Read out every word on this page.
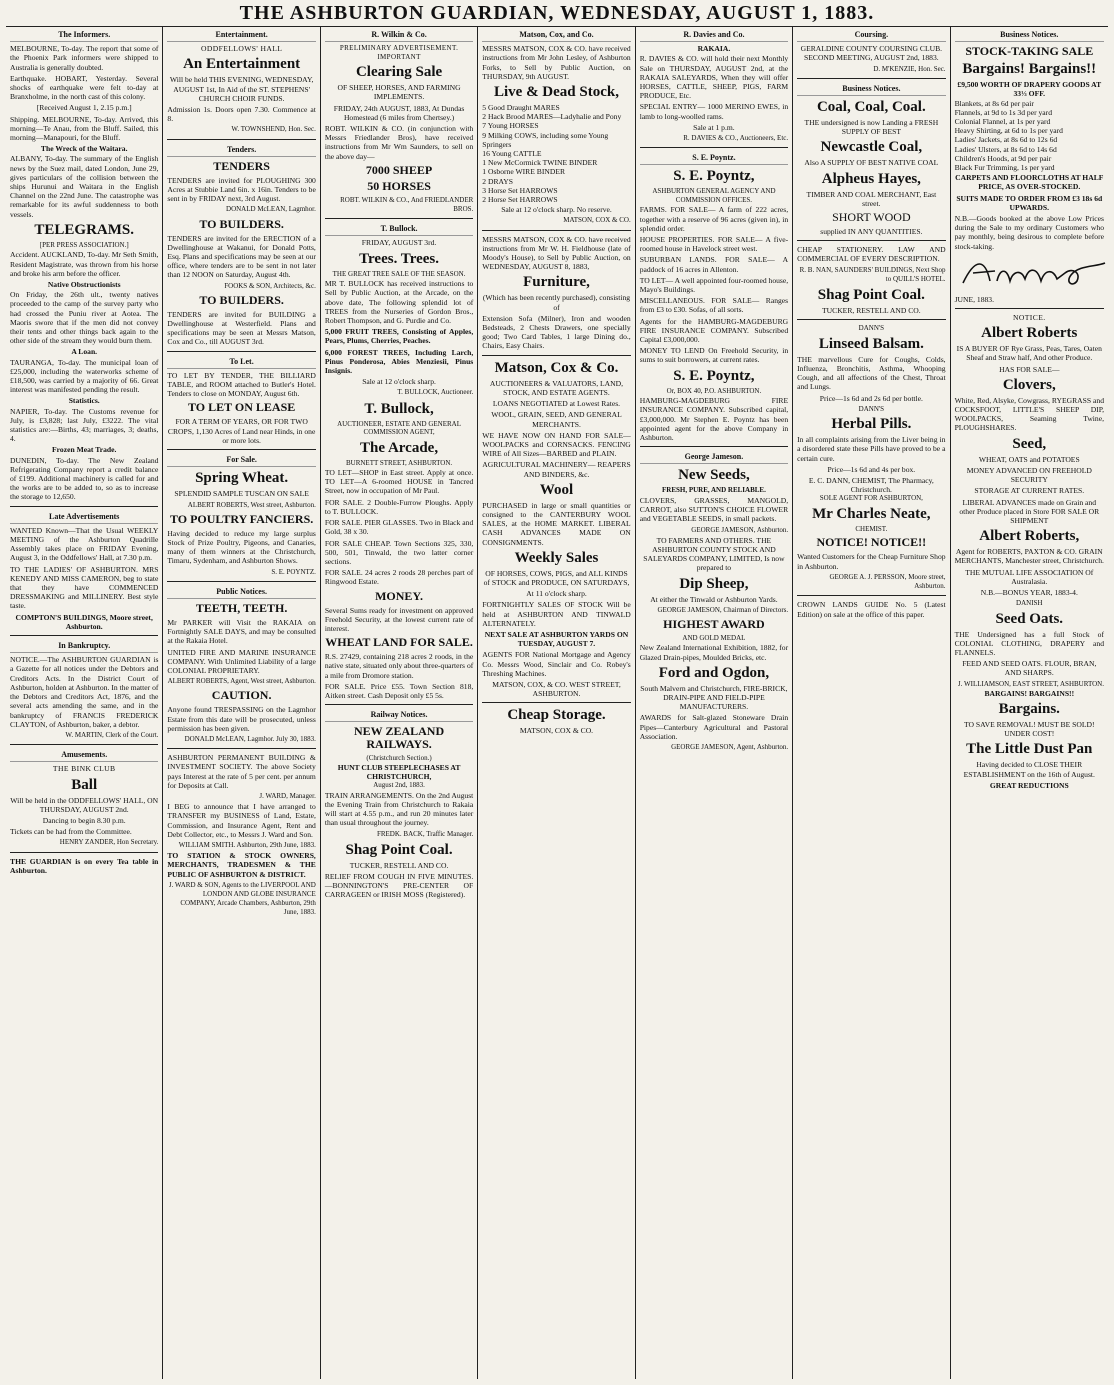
THE ASHBURTON GUARDIAN, WEDNESDAY, AUGUST 1, 1883.
The Informers.

MELBOURNE, To-day. The report that some of the Phoenix Park informers were shipped to Australia is generally doubted.

Earthquake. HOBART, Yesterday. Several shocks of earthquake were felt to-day at Branxholme, in the north cast of this colony.

[Received August 1, 2.15 p.m.]

Shipping. MELBOURNE, To-day. Arrived, this morning—Te Anau, from the Bluff. Sailed, this morning—Manapouri, for the Bluff.

The Wreck of the Waitara.

ALBANY, To-day. The summary of the English news by the Suez mail, dated London, June 29, gives particulars of the collision between the ships Hurunui and Waitara in the English Channel on the 22nd June. The catastrophe was remarkable for its awful suddenness to both vessels.

TELEGRAMS.
[PER PRESS ASSOCIATION.]

Accident. AUCKLAND, To-day. Mr Seth Smith, Resident Magistrate, was thrown from his horse and broke his arm before the officer.

Native Obstructionists

On Friday, the 26th ult., twenty natives proceeded to the camp of the survey party who had crossed the Puniu river at Aotea. The Maoris swore that if the men did not convey their tents and other things back again to the other side of the stream they would burn them.

A Loan.

TAURANGA, To-day. The municipal loan of £25,000, including the waterworks scheme of £18,500, was carried by a majority of 66. Great interest was manifested pending the result.

Statistics.

NAPIER, To-day. The Customs revenue for July, is £3,828; last July, £3222. The vital statistics are:—Births, 43; marriages, 3; deaths, 4.

Frozen Meat Trade.

DUNEDIN, To-day. The New Zealand Refrigerating Company report a credit balance of £199. Additional machinery is called for and the works are to be added to, so as to increase the storage to 12,650.

Late Advertisements

WANTED Known—That the Usual WEEKLY MEETING of the Ashburton Quadrille Assembly takes place on FRIDAY Evening, August 3, in the Oddfellows' Hall, at 7.30 p.m.

TO THE LADIES' OF ASHBURTON. MRS KENEDY AND MISS CAMERON, beg to state that they have COMMENCED DRESSMAKING and MILLINERY. Best style taste.

COMPTON'S BUILDINGS, Moore street, Ashburton.

In Bankruptcy.

NOTICE.—The ASHBURTON GUARDIAN is a Gazette for all notices under the Debtors and Creditors Acts. In the District Court of Ashburton, holden at Ashburton. In the matter of the Debtors and Creditors Act, 1876, and the several acts amending the same, and in the bankruptcy of FRANCIS FREDERICK CLAYTON, of Ashburton, baker, a debtor.

W. MARTIN, Clerk of the Court.
Amusements.
THE BINK CLUB
Ball

Will be held in the ODDFELLOWS' HALL, ON THURSDAY, AUGUST 2nd.

Dancing to begin 8.30 p.m.

Tickets can be had from the Committee.

HENRY ZANDER, Hon Secretary.

THE GUARDIAN is on every Tea table in Ashburton.

Entertainment.
ODDFELLOWS' HALL
An Entertainment

Will be held THIS EVENING, WEDNESDAY, AUGUST 1st, In Aid of the ST. STEPHENS' CHURCH CHOIR FUNDS.

Admission 1s. Doors open 7.30. Commence at 8.

W. TOWNSHEND, Hon. Sec.
Tenders.
TENDERS

TENDERS are invited for PLOUGHING 300 Acres at Stubbie Land 6in. x 16in. Tenders to be sent in by FRIDAY next, 3rd August.

DONALD McLEAN, Lagmhor.
TO BUILDERS.

TENDERS are invited for the ERECTION of a Dwellinghouse at Wakanui, for Donald Potts, Esq. Plans and specifications may be seen at our office, where tenders are to be sent in not later than 12 NOON on Saturday, August 4th.

FOOKS & SON, Architects, &c.
TO BUILDERS.

TENDERS are invited for BUILDING a Dwellinghouse at Westerfield. Plans and specifications may be seen at Messrs Matson, Cox and Co., till AUGUST 3rd.

To Let.

TO LET BY TENDER, THE BILLIARD TABLE, and ROOM attached to Butler's Hotel. Tenders to close on MONDAY, August 6th.

TO LET ON LEASE

FOR A TERM OF YEARS, OR FOR TWO CROPS, 1,130 Acres of Land near Hinds, in one or more lots.

For Sale.
Spring Wheat.

SPLENDID SAMPLE TUSCAN ON SALE

ALBERT ROBERTS, West street, Ashburton.
TO POULTRY FANCIERS.

Having decided to reduce my large surplus Stock of Prize Poultry, Pigeons, and Canaries, many of them winners at the Christchurch, Timaru, Sydenham, and Ashburton Shows.

S. E. POYNTZ.
Public Notices.
TEETH, TEETH.

Mr PARKER will Visit the RAKAIA on Fortnightly SALE DAYS, and may be consulted at the Rakaia Hotel.

UNITED FIRE AND MARINE INSURANCE COMPANY. With Unlimited Liability of a large COLONIAL PROPRIETARY.

ALBERT ROBERTS, Agent, West street, Ashburton.
CAUTION.

Anyone found TRESPASSING on the Lagmhor Estate from this date will be prosecuted, unless permission has been given.

DONALD McLEAN, Lagmhor. July 30, 1883.

ASHBURTON PERMANENT BUILDING & INVESTMENT SOCIETY. The above Society pays Interest at the rate of 5 per cent. per annum for Deposits at Call.

J. WARD, Manager.

I BEG to announce that I have arranged to TRANSFER my BUSINESS of Land, Estate, Commission, and Insurance Agent, Rent and Debt Collector, etc., to Messrs J. Ward and Son.

WILLIAM SMITH. Ashburton, 29th June, 1883.

TO STATION & STOCK OWNERS, MERCHANTS, TRADESMEN & THE PUBLIC OF ASHBURTON & DISTRICT.

J. WARD & SON, Agents to the LIVERPOOL AND LONDON AND GLOBE INSURANCE COMPANY, Arcade Chambers, Ashburton, 29th June, 1883.
R. Wilkin & Co.
PRELIMINARY ADVERTISEMENT.
IMPORTANT
Clearing Sale

OF SHEEP, HORSES, AND FARMING IMPLEMENTS.

FRIDAY, 24th AUGUST, 1883, At Dundas Homestead (6 miles from Chertsey.)

ROBT. WILKIN & CO. (in conjunction with Messrs Friedlander Bros), have received instructions from Mr Wm Saunders, to sell on the above day—

7000 SHEEP
50 HORSES
ROBT. WILKIN & CO., And FRIEDLANDER BROS.
T. Bullock.
FRIDAY, AUGUST 3rd.
Trees. Trees.
THE GREAT TREE SALE OF THE SEASON.

MR T. BULLOCK has received instructions to Sell by Public Auction, at the Arcade, on the above date, The following splendid lot of TREES from the Nurseries of Gordon Bros., Robert Thompson, and G. Purdie and Co.

5,000 FRUIT TREES, Consisting of Apples, Pears, Plums, Cherries, Peaches.

6,000 FOREST TREES, Including Larch, Pinus Ponderosa, Abies Menziesii, Pinus Insignis.

Sale at 12 o'clock sharp.

T. BULLOCK, Auctioneer.
T. Bullock,
AUCTIONEER, ESTATE AND GENERAL COMMISSION AGENT,
The Arcade,
BURNETT STREET, ASHBURTON.

TO LET—SHOP in East street. Apply at once. TO LET—A 6-roomed HOUSE in Tancred Street, now in occupation of Mr Paul.

FOR SALE. 2 Double-Furrow Ploughs. Apply to T. BULLOCK.

FOR SALE. PIER GLASSES. Two in Black and Gold, 38 x 30.

FOR SALE CHEAP. Town Sections 325, 330, 500, 501, Tinwald, the two latter corner sections.

FOR SALE. 24 acres 2 roods 28 perches part of Ringwood Estate.

MONEY.

Several Sums ready for investment on approved Freehold Security, at the lowest current rate of interest.

WHEAT LAND FOR SALE.

R.S. 27429, containing 218 acres 2 roods, in the native state, situated only about three-quarters of a mile from Dromore station.

FOR SALE. Price £55. Town Section 818, Aitken street. Cash Deposit only £5 5s.

Railway Notices.
NEW ZEALAND RAILWAYS.
(Christchurch Section.)
HUNT CLUB STEEPLECHASES AT CHRISTCHURCH,
August 2nd, 1883.

TRAIN ARRANGEMENTS. On the 2nd August the Evening Train from Christchurch to Rakaia will start at 4.55 p.m., and run 20 minutes later than usual throughout the journey.

FREDK. BACK, Traffic Manager.
Shag Point Coal.

TUCKER, RESTELL AND CO.

RELIEF FROM COUGH IN FIVE MINUTES.—BONNINGTON'S PRE-CENTER OF CARRAGEEN or IRISH MOSS (Registered).

Matson, Cox, and Co.

MESSRS MATSON, COX & CO. have received instructions from Mr John Lesley, of Ashburton Forks, to Sell by Public Auction, on THURSDAY, 9th AUGUST.

Live & Dead Stock,
5 Good Draught MARES
2 Hack Brood MARES—Ladyhalie and Pony
7 Young HORSES
9 Milking COWS, including some Young Springers
16 Young CATTLE
1 New McCormick TWINE BINDER
1 Osborne WIRE BINDER
2 DRAYS
3 Horse Set HARROWS
2 Horse Set HARROWS

Sale at 12 o'clock sharp. No reserve.

MATSON, COX & CO.

MESSRS MATSON, COX & CO. have received instructions from Mr W. H. Fieldhouse (late of Moody's House), to Sell by Public Auction, on WEDNESDAY, AUGUST 8, 1883,

Furniture,

(Which has been recently purchased), consisting of

Extension Sofa (Milner), Iron and wooden Bedsteads, 2 Chests Drawers, one specially good; Two Card Tables, 1 large Dining do., Chairs, Easy Chairs.

Matson, Cox & Co.

AUCTIONEERS & VALUATORS, LAND, STOCK, AND ESTATE AGENTS.

LOANS NEGOTIATED at Lowest Rates.

WOOL, GRAIN, SEED, AND GENERAL MERCHANTS.

WE HAVE NOW ON HAND FOR SALE— WOOLPACKS and CORNSACKS. FENCING WIRE of All Sizes—BARBED and PLAIN.

AGRICULTURAL MACHINERY— REAPERS AND BINDERS, &c.

Wool

PURCHASED in large or small quantities or consigned to the CANTERBURY WOOL SALES, at the HOME MARKET. LIBERAL CASH ADVANCES MADE ON CONSIGNMENTS.

Weekly Sales

OF HORSES, COWS, PIGS, and ALL KINDS of STOCK and PRODUCE, ON SATURDAYS,

At 11 o'clock sharp.

FORTNIGHTLY SALES OF STOCK Will be held at ASHBURTON AND TINWALD ALTERNATELY.

NEXT SALE AT ASHBURTON YARDS ON TUESDAY, AUGUST 7.

AGENTS FOR National Mortgage and Agency Co. Messrs Wood, Sinclair and Co. Robey's Threshing Machines.

MATSON, COX, & CO. WEST STREET, ASHBURTON.
Cheap Storage.
MATSON, COX & CO.
R. Davies and Co.
RAKAIA.

R. DAVIES & CO. will hold their next Monthly Sale on THURSDAY, AUGUST 2nd, at the RAKAIA SALEYARDS, When they will offer HORSES, CATTLE, SHEEP, PIGS, FARM PRODUCE, Etc.

SPECIAL ENTRY— 1000 MERINO EWES, in lamb to long-woolled rams.

Sale at 1 p.m.

R. DAVIES & CO., Auctioneers, Etc.
S. E. Poyntz.
S. E. Poyntz,
ASHBURTON GENERAL AGENCY AND COMMISSION OFFICES.

FARMS. FOR SALE— A farm of 222 acres, together with a reserve of 96 acres (given in), in splendid order.

HOUSE PROPERTIES. FOR SALE— A five-roomed house in Havelock street west.

SUBURBAN LANDS. FOR SALE— A paddock of 16 acres in Allenton.

TO LET— A well appointed four-roomed house, Mayo's Buildings.

MISCELLANEOUS. FOR SALE— Ranges from £3 to £30. Sofas, of all sorts.

Agents for the HAMBURG-MAGDEBURG FIRE INSURANCE COMPANY. Subscribed Capital £3,000,000.

MONEY TO LEND On Freehold Security, in sums to suit borrowers, at current rates.

S. E. Poyntz,
Or, BOX 40, P.O. ASHBURTON.

HAMBURG-MAGDEBURG FIRE INSURANCE COMPANY. Subscribed capital, £3,000,000. Mr Stephen E. Poyntz has been appointed agent for the above Company in Ashburton.

George Jameson.
New Seeds,
FRESH, PURE, AND RELIABLE.

CLOVERS, GRASSES, MANGOLD, CARROT, also SUTTON'S CHOICE FLOWER and VEGETABLE SEEDS, in small packets.

GEORGE JAMESON, Ashburton.

TO FARMERS AND OTHERS. THE ASHBURTON COUNTY STOCK AND SALEYARDS COMPANY, LIMITED, Is now prepared to

Dip Sheep,

At either the Tinwald or Ashburton Yards.

GEORGE JAMESON, Chairman of Directors.
HIGHEST AWARD
AND GOLD MEDAL

New Zealand International Exhibition, 1882, for Glazed Drain-pipes, Moulded Bricks, etc.

Ford and Ogdon,

South Malvern and Christchurch, FIRE-BRICK, DRAIN-PIPE AND FIELD-PIPE MANUFACTURERS.

AWARDS for Salt-glazed Stoneware Drain Pipes—Canterbury Agricultural and Pastoral Association.

GEORGE JAMESON, Agent, Ashburton.
Coursing.

GERALDINE COUNTY COURSING CLUB. SECOND MEETING, AUGUST 2nd, 1883.

D. M'KENZIE, Hon. Sec.
Business Notices.
Coal, Coal, Coal.

THE undersigned is now Landing a FRESH SUPPLY OF BEST

Newcastle Coal,

Also A SUPPLY OF BEST NATIVE COAL

Alpheus Hayes,

TIMBER AND COAL MERCHANT, East street.

SHORT WOOD

supplied IN ANY QUANTITIES.

CHEAP STATIONERY. LAW AND COMMERCIAL OF EVERY DESCRIPTION.

R. B. NAN, SAUNDERS' BUILDINGS, Next Shop to QUILL'S HOTEL.
Shag Point Coal.

TUCKER, RESTELL AND CO.

DANN'S
Linseed Balsam.

THE marvellous Cure for Coughs, Colds, Influenza, Bronchitis, Asthma, Whooping Cough, and all affections of the Chest, Throat and Lungs.

Price—1s 6d and 2s 6d per bottle.

DANN'S
Herbal Pills.

In all complaints arising from the Liver being in a disordered state these Pills have proved to be a certain cure.

Price—1s 6d and 4s per box.

E. C. DANN, CHEMIST, The Pharmacy, Christchurch.
SOLE AGENT FOR ASHBURTON,
Mr Charles Neate,
CHEMIST.
NOTICE! NOTICE!!

Wanted Customers for the Cheap Furniture Shop in Ashburton.

GEORGE A. J. PERSSON, Moore street, Ashburton.

CROWN LANDS GUIDE No. 5 (Latest Edition) on sale at the office of this paper.

Business Notices.
STOCK-TAKING SALE
Bargains! Bargains!!
£9,500 WORTH OF DRAPERY GOODS AT 33⅓ OFF.
Blankets, at 8s 6d per pair
Flannels, at 9d to 1s 3d per yard
Colonial Flannel, at 1s per yard
Heavy Shirting, at 6d to 1s per yard
Ladies' Jackets, at 8s 6d to 12s 6d
Ladies' Ulsters, at 8s 6d to 14s 6d
Children's Hoods, at 9d per pair
Black Fur Trimming, 1s per yard

CARPETS AND FLOORCLOTHS AT HALF PRICE, AS OVER-STOCKED.

SUITS MADE TO ORDER FROM £3 18s 6d UPWARDS.

N.B.—Goods booked at the above Low Prices during the Sale to my ordinary Customers who pay monthly, being desirous to complete before stock-taking.

JUNE, 1883.
NOTICE.
Albert Roberts

IS A BUYER OF Rye Grass, Peas, Tares, Oaten Sheaf and Straw half, And other Produce.

HAS FOR SALE—

Clovers,

White, Red, Alsyke, Cowgrass, RYEGRASS and COCKSFOOT, LITTLE'S SHEEP DIP, WOOLPACKS, Seaming Twine, PLOUGHSHARES.

Seed,

WHEAT, OATS and POTATOES

MONEY ADVANCED ON FREEHOLD SECURITY

STORAGE AT CURRENT RATES.

LIBERAL ADVANCES made on Grain and other Produce placed in Store FOR SALE OR SHIPMENT

Albert Roberts,

Agent for ROBERTS, PAXTON & CO. GRAIN MERCHANTS, Manchester street, Christchurch.

THE MUTUAL LIFE ASSOCIATION Of Australasia.

N.B.—BONUS YEAR, 1883-4.

DANISH
Seed Oats.

THE Undersigned has a full Stock of COLONIAL CLOTHING, DRAPERY and FLANNELS.

FEED AND SEED OATS. FLOUR, BRAN, AND SHARPS.

J. WILLIAMSON, EAST STREET, ASHBURTON.
BARGAINS! BARGAINS!!
Bargains.

TO SAVE REMOVAL! MUST BE SOLD! UNDER COST!

The Little Dust Pan

Having decided to CLOSE THEIR ESTABLISHMENT on the 16th of August.

GREAT REDUCTIONS
